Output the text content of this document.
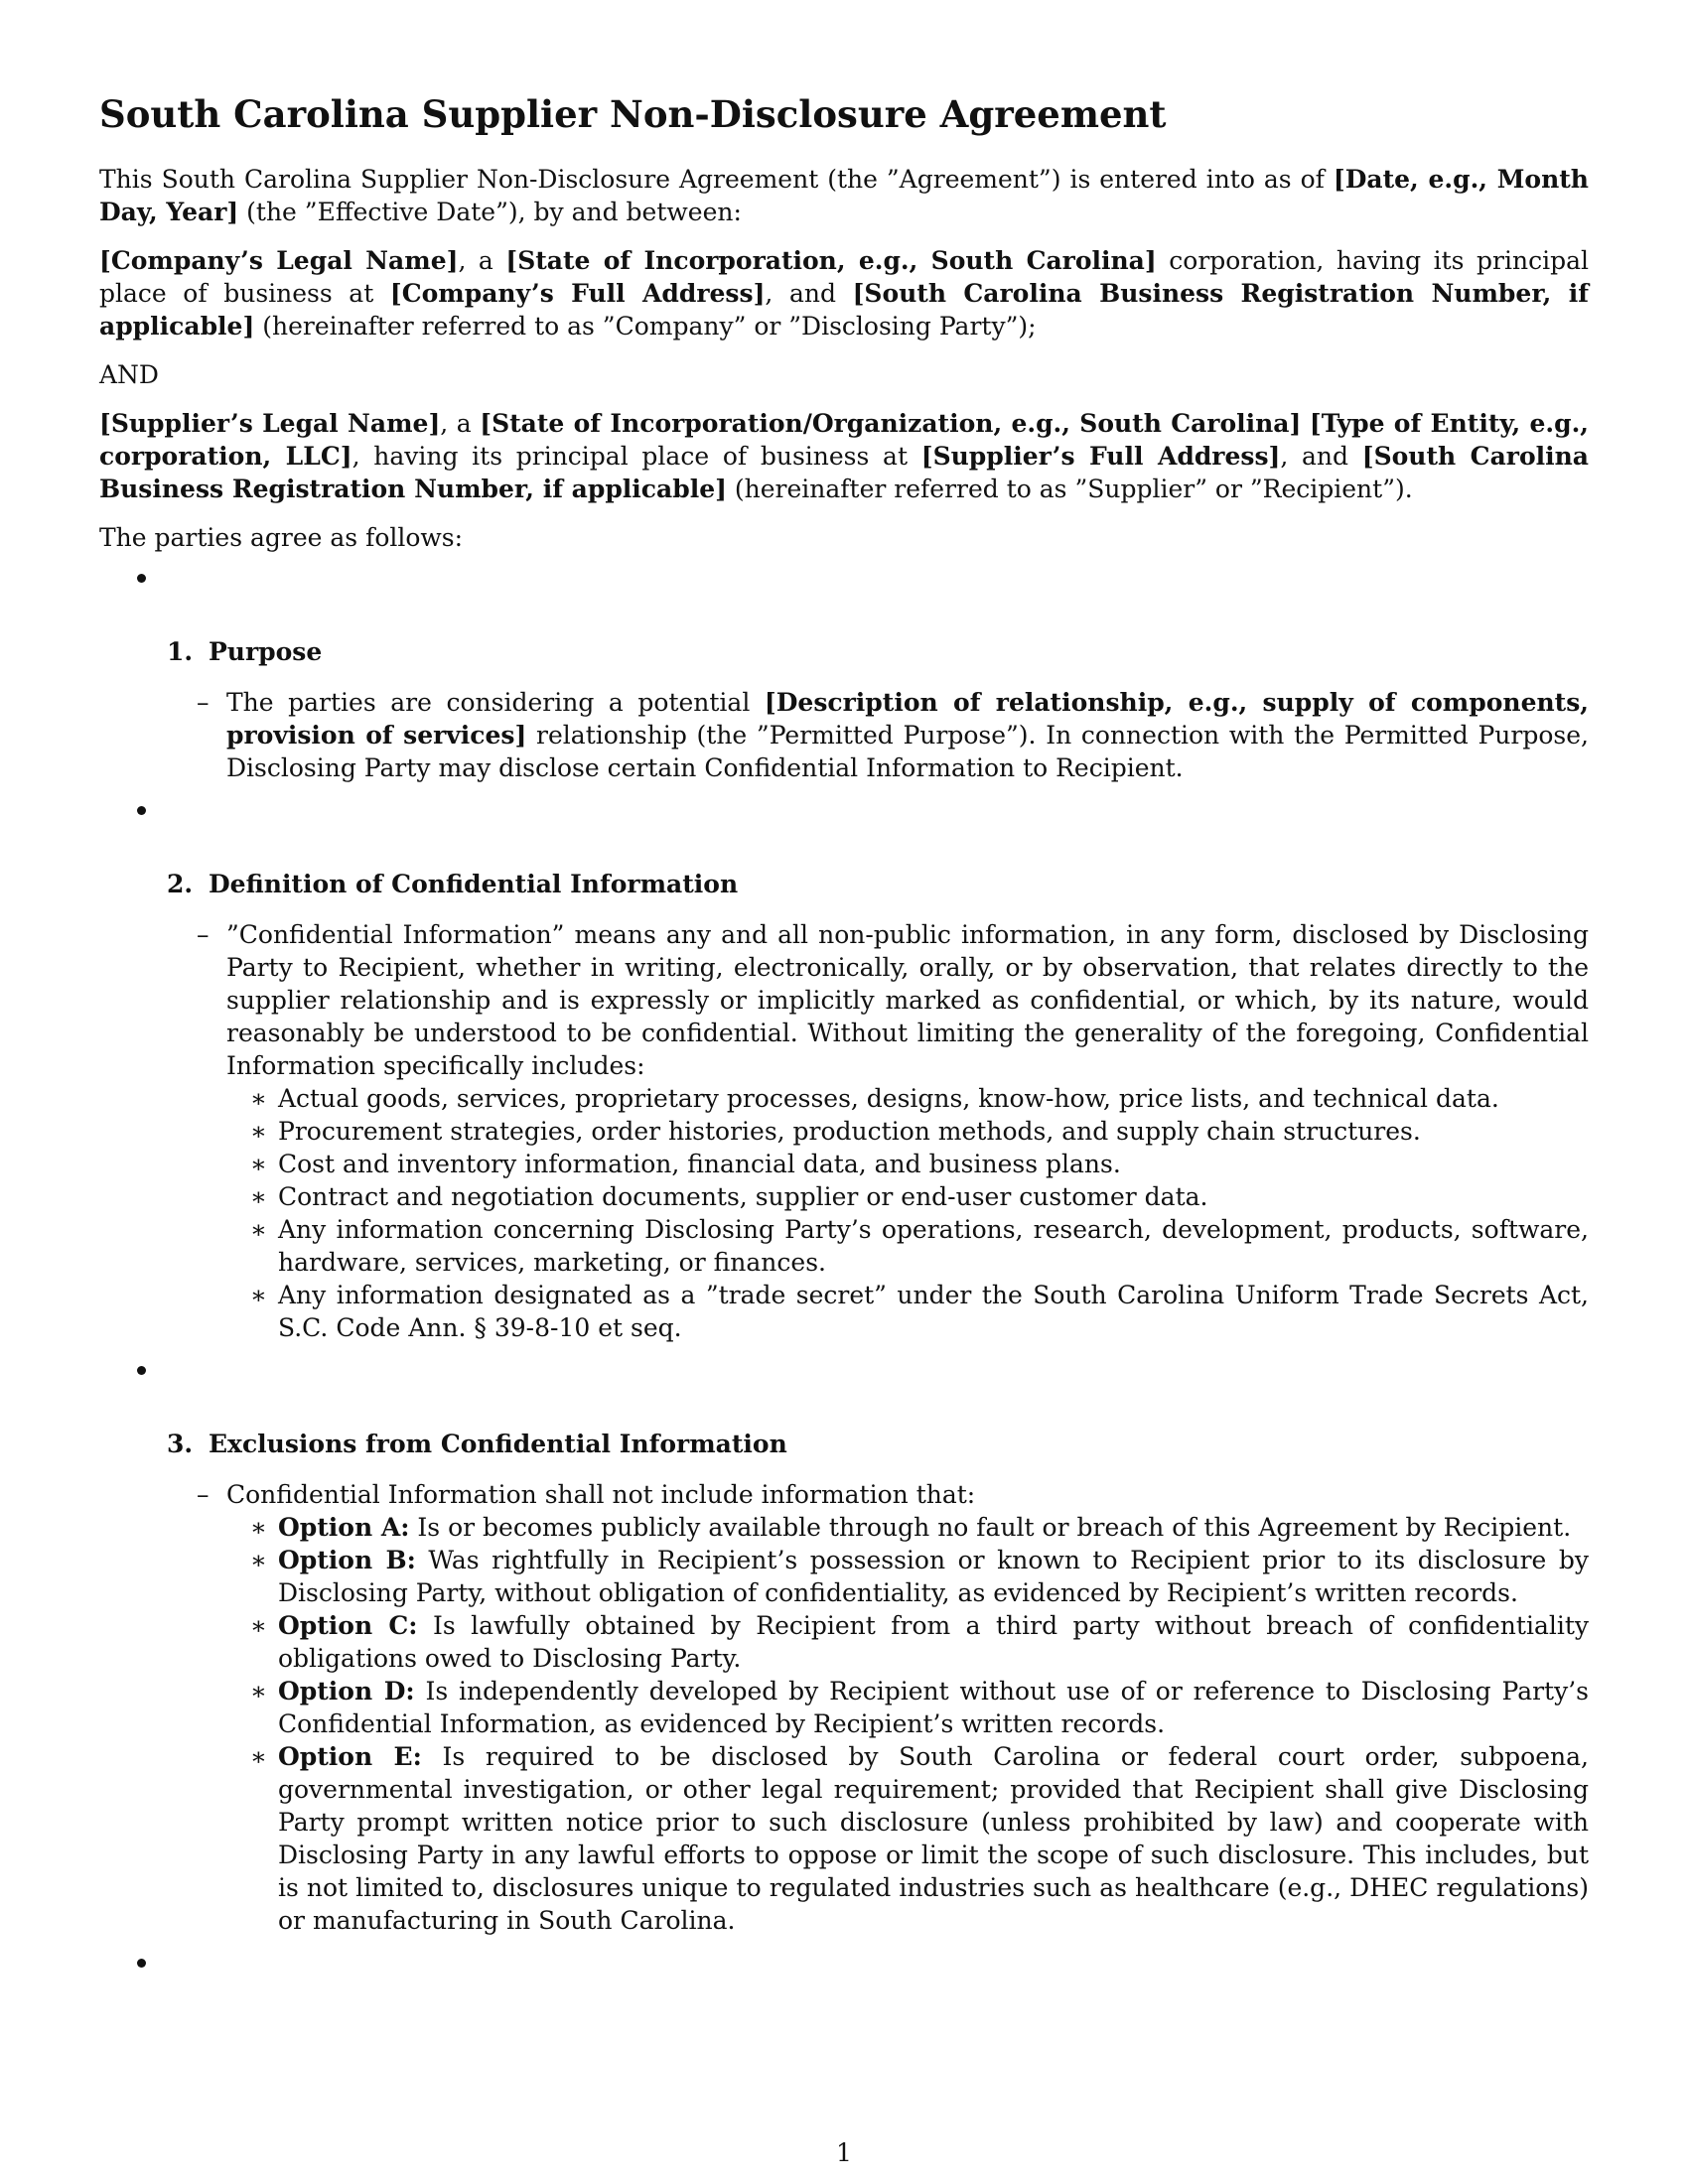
South Carolina Supplier Non-Disclosure Agreement

This South Carolina Supplier Non-Disclosure Agreement (the ”Agreement”) is entered into as of [Date, e.g., Month Day, Year] (the ”Effective Date”), by and between:

[Company’s Legal Name], a [State of Incorporation, e.g., South Carolina] corporation, having its principal place of business at [Company’s Full Address], and [South Carolina Business Registration Number, if applicable] (hereinafter referred to as ”Company” or ”Disclosing Party”);

AND

[Supplier’s Legal Name], a [State of Incorporation/Organization, e.g., South Carolina] [Type of Entity, e.g., corporation, LLC], having its principal place of business at [Supplier’s Full Address], and [South Carolina Business Registration Number, if applicable] (hereinafter referred to as ”Supplier” or ”Recipient”).

The parties agree as follows:

1. Purpose
– The parties are considering a potential [Description of relationship, e.g., supply of components, provision of services] relationship (the ”Permitted Purpose”). In connection with the Permitted Purpose, Disclosing Party may disclose certain Confidential Information to Recipient.
2. Definition of Confidential Information
– ”Confidential Information” means any and all non-public information, in any form, disclosed by Disclosing Party to Recipient, whether in writing, electronically, orally, or by observation, that relates directly to the supplier relationship and is expressly or implicitly marked as confidential, or which, by its nature, would reasonably be understood to be confidential. Without limiting the generality of the foregoing, Confidential Information specifically includes:
∗ Actual goods, services, proprietary processes, designs, know-how, price lists, and technical data.
∗ Procurement strategies, order histories, production methods, and supply chain structures.
∗ Cost and inventory information, financial data, and business plans.
∗ Contract and negotiation documents, supplier or end-user customer data.
∗ Any information concerning Disclosing Party’s operations, research, development, products, software, hardware, services, marketing, or finances.
∗ Any information designated as a ”trade secret” under the South Carolina Uniform Trade Secrets Act, S.C. Code Ann. § 39-8-10 et seq.
3. Exclusions from Confidential Information
– Confidential Information shall not include information that:
∗ Option A: Is or becomes publicly available through no fault or breach of this Agreement by Recipient.
∗ Option B: Was rightfully in Recipient’s possession or known to Recipient prior to its disclosure by Disclosing Party, without obligation of confidentiality, as evidenced by Recipient’s written records.
∗ Option C: Is lawfully obtained by Recipient from a third party without breach of confidentiality obligations owed to Disclosing Party.
∗ Option D: Is independently developed by Recipient without use of or reference to Disclosing Party’s Confidential Information, as evidenced by Recipient’s written records.
∗ Option E: Is required to be disclosed by South Carolina or federal court order, subpoena, governmental investigation, or other legal requirement; provided that Recipient shall give Disclosing Party prompt written notice prior to such disclosure (unless prohibited by law) and cooperate with Disclosing Party in any lawful efforts to oppose or limit the scope of such disclosure. This includes, but is not limited to, disclosures unique to regulated industries such as healthcare (e.g., DHEC regulations) or manufacturing in South Carolina.
1
